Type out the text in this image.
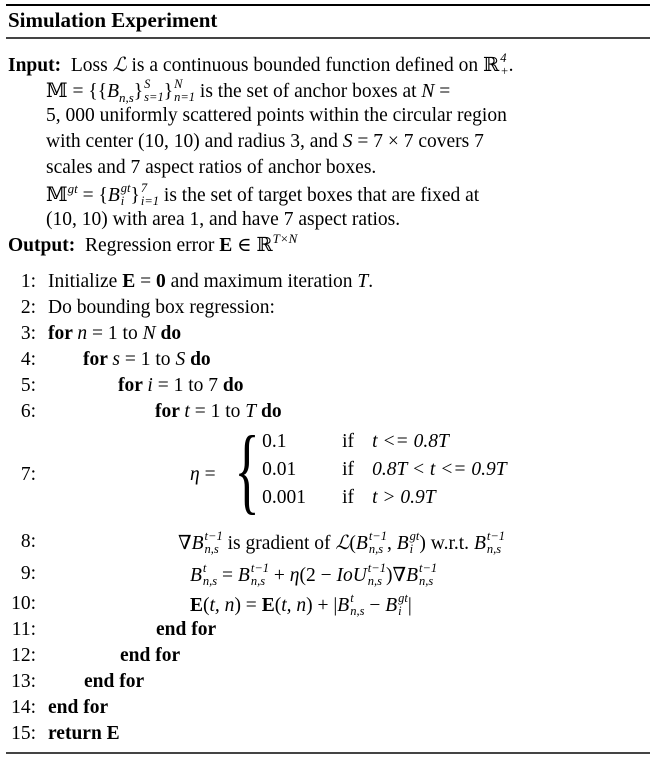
Simulation Experiment
Input:  Loss ℒ is a continuous bounded function defined on ℝ 4
+ .
𝕄 = {$\{B_{n,s}\}$ S
s=1 } N
n=1 is the set of anchor boxes at N =
5, 000 uniformly scattered points within the circular region
with center (10, 10) and radius 3, and S = 7 × 7 covers 7
scales and 7 aspect ratios of anchor boxes.
𝕄$^{gt}$ = {B gt
i } 7
i=1 is the set of target boxes that are fixed at
(10, 10) with area 1, and have 7 aspect ratios.
Output:  Regression error E ∈ ℝ$^{T\times N}$
1: Initialize E = 0 and maximum iteration T.
2: Do bounding box regression:
3: for n = 1 to N do
4: for s = 1 to S do
5:	for i = 1 to 7 do
6:	for t = 1 to T do
7:	η =
8:	∇B t−1
n,s is gradient of ℒ(B t−1
n,s , B gt
i ) w.r.t. B t−1
n,s
9:	B t
n,s = B t−1
n,s + η(2 − IoU t−1
n,s )∇B t−1
n,s
10:	E(t, n) = E(t, n) + |B t
n,s − B gt
i |
11:	end for
12:	end for
13: end for
14: end for
15: return E
{ 0.1	if t <= 0.8T
0.01	if 0.8T < t <= 0.9T
0.001	if t > 0.9T
